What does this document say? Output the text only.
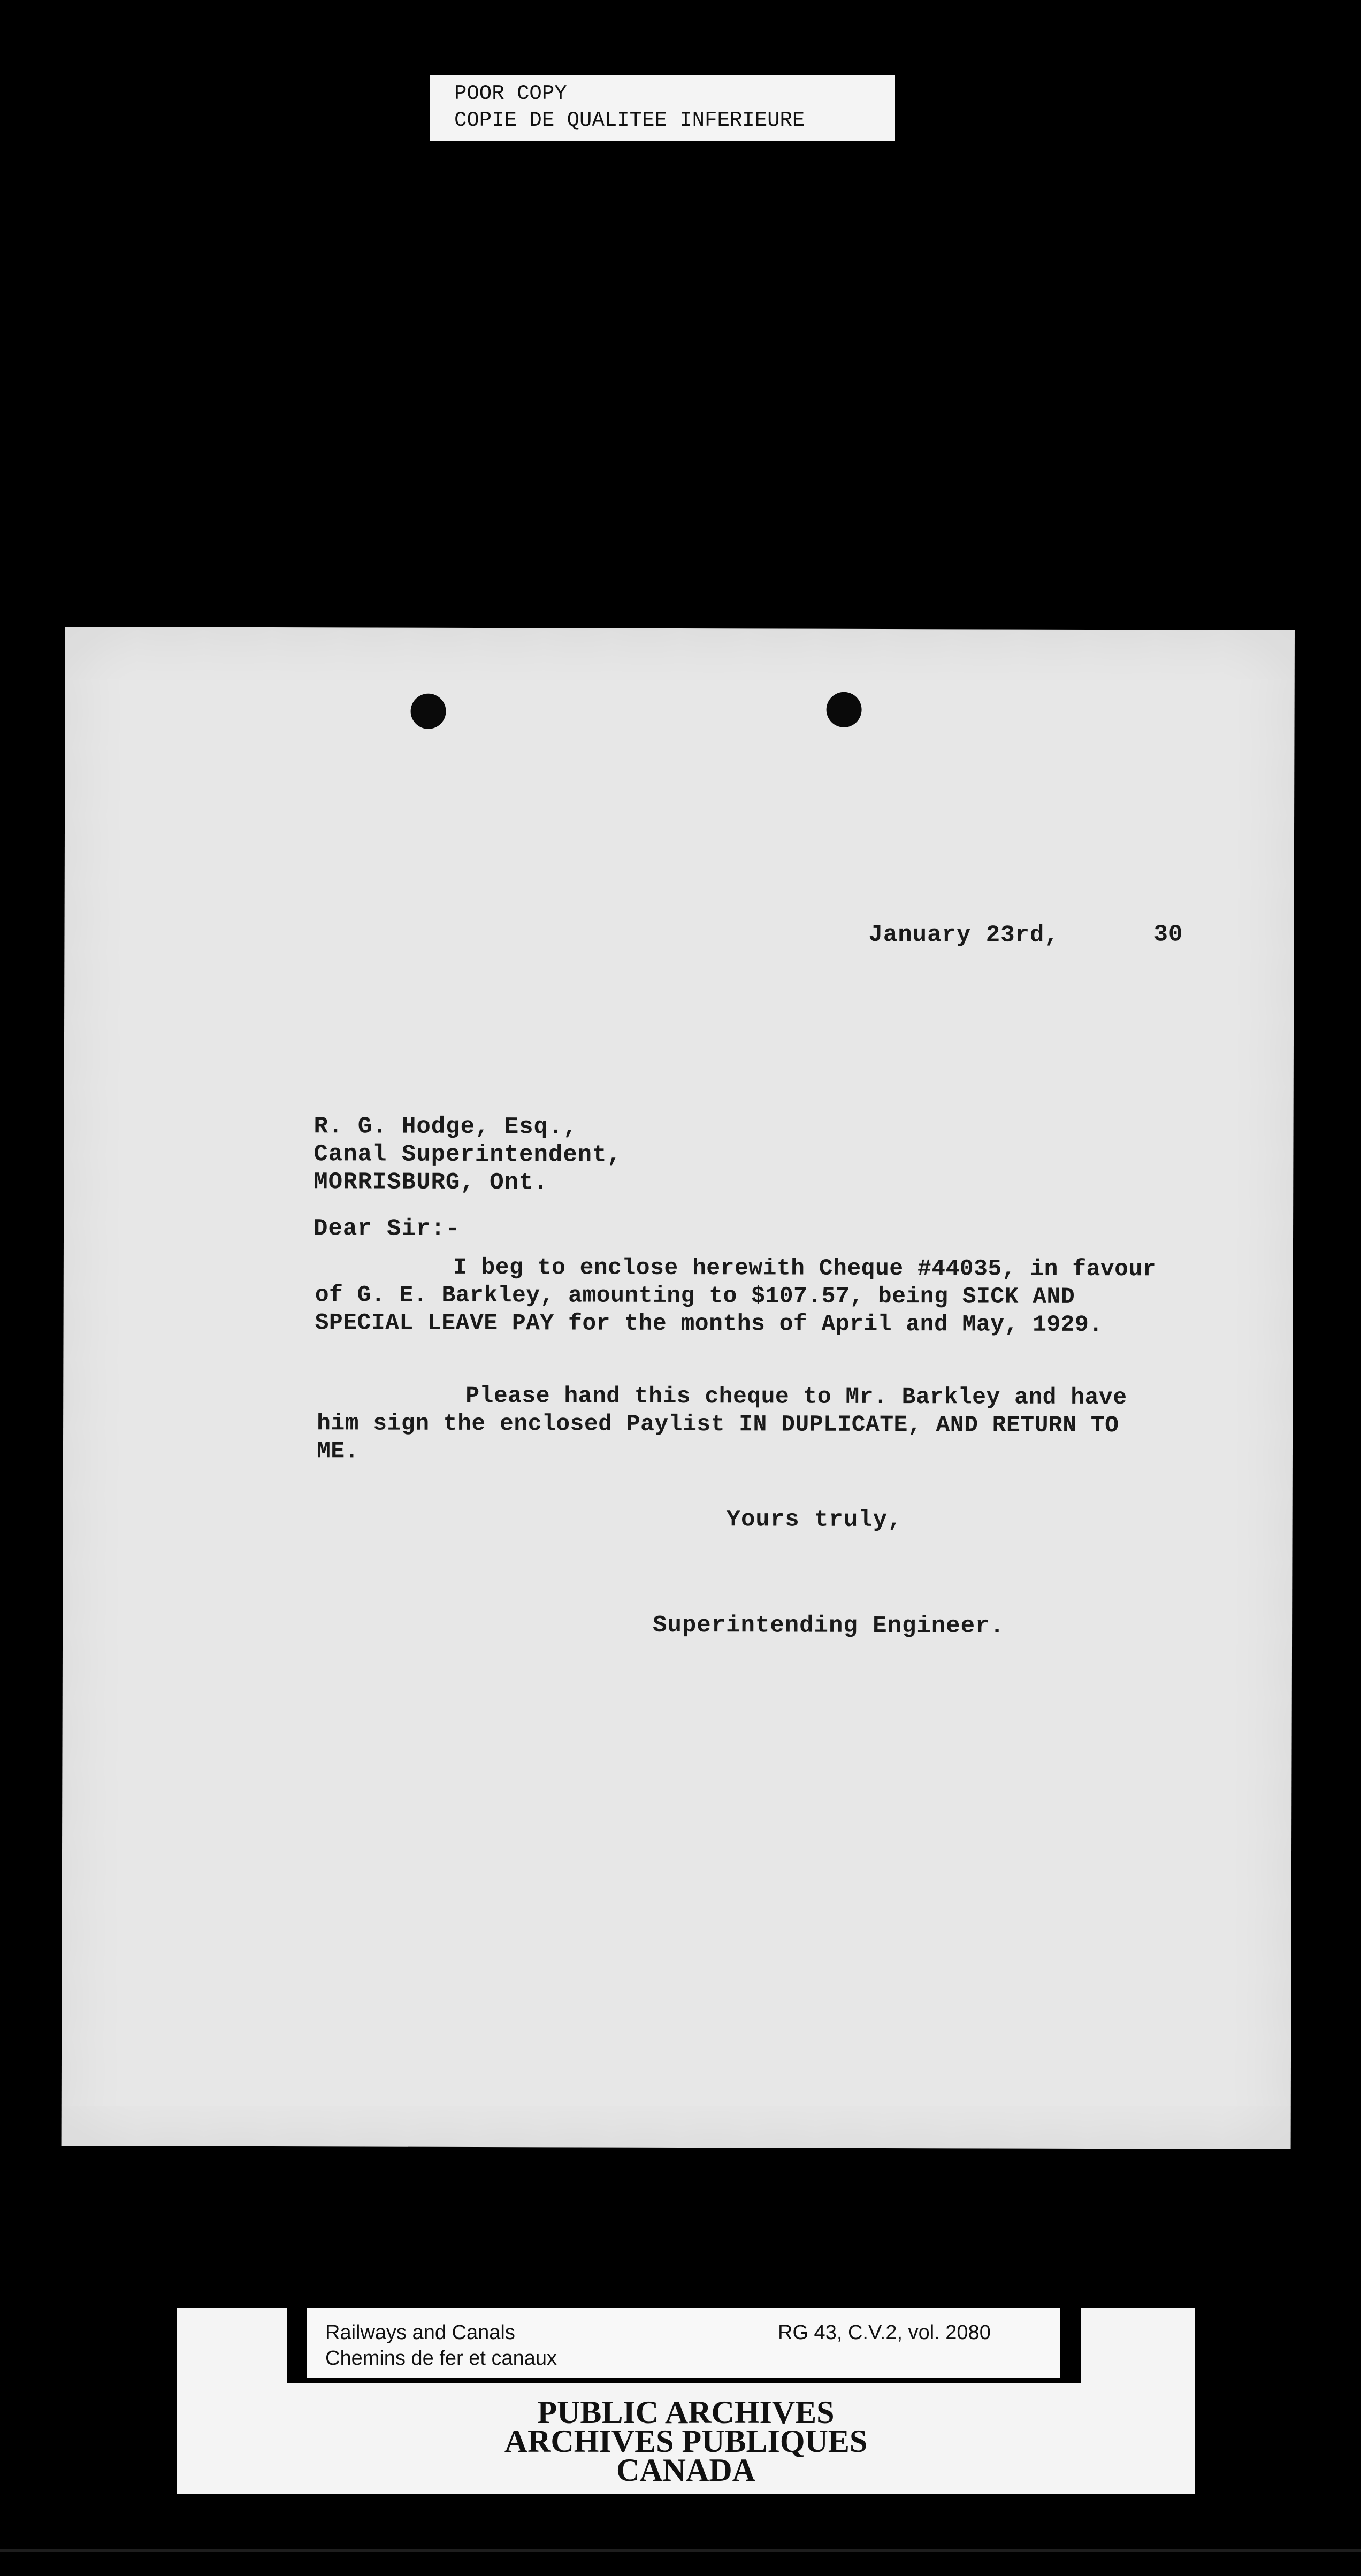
POOR COPY
COPIE DE QUALITEE INFERIEURE
January 23rd,	30
R. G. Hodge, Esq.,
Canal Superintendent,
MORRISBURG, Ont.
Dear Sir:-
I beg to enclose herewith Cheque #44035, in favour
of G. E. Barkley, amounting to $107.57, being SICK AND
SPECIAL LEAVE PAY for the months of April and May, 1929.
Please hand this cheque to Mr. Barkley and have
him sign the enclosed Paylist IN DUPLICATE, AND RETURN TO
ME.
Yours truly,
Superintending Engineer.
Railways and Canals
Chemins de fer et canaux
RG 43, C.V.2, vol. 2080
PUBLIC ARCHIVES
ARCHIVES PUBLIQUES
CANADA
